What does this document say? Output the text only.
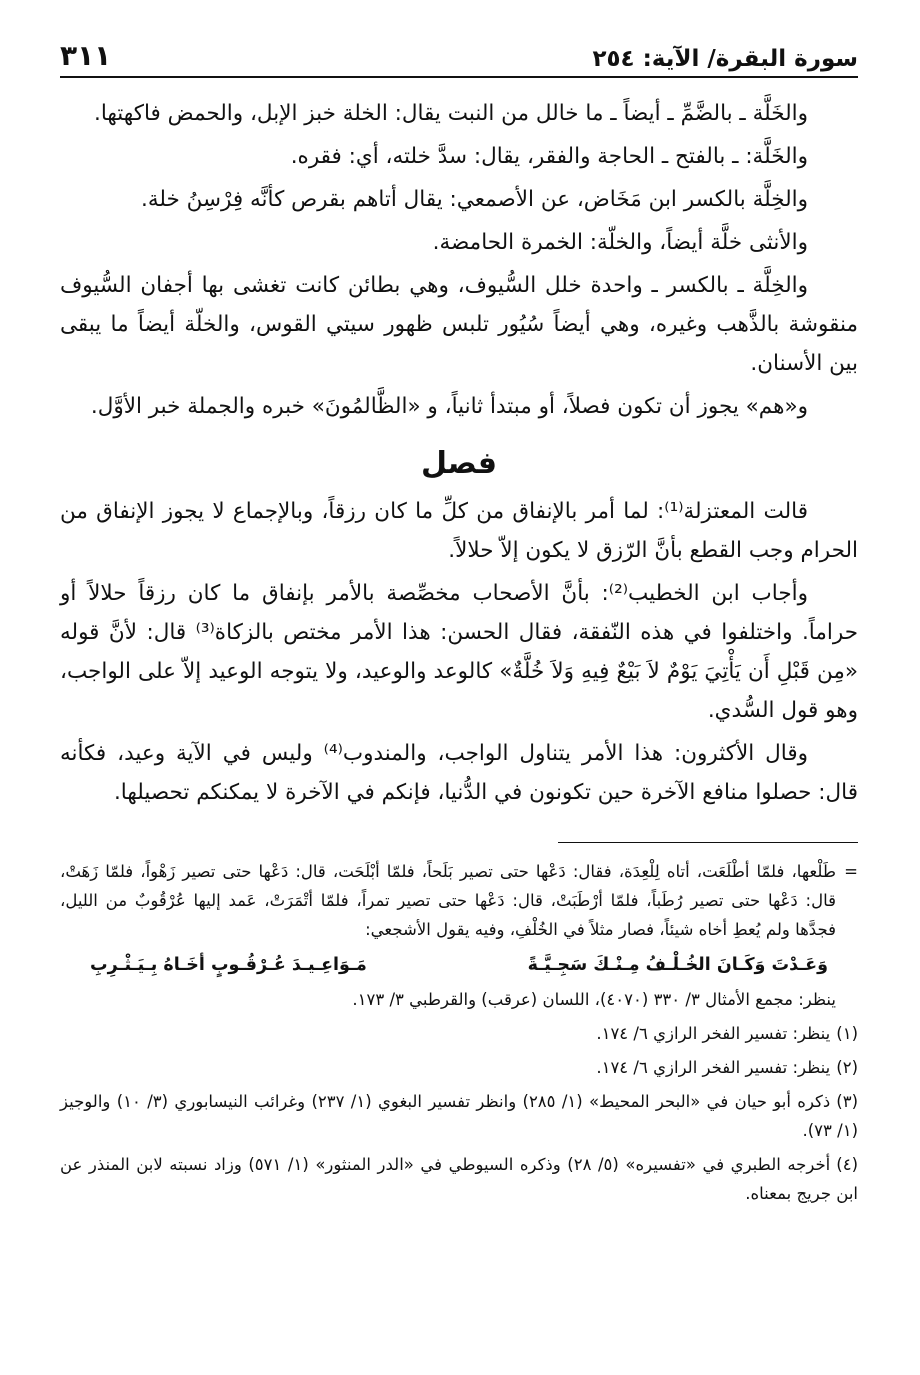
سورة البقرة/ الآية: ٢٥٤
٣١١

والخَلَّة ـ بالضَّمِّ ـ أيضاً ـ ما خالل من النبت يقال: الخلة خبز الإبل، والحمض فاكهتها.

والخَلَّة: ـ بالفتح ـ الحاجة والفقر، يقال: سدَّ خلته، أي: فقره.

والخِلَّة بالكسر ابن مَخَاض، عن الأصمعي: يقال أتاهم بقرص كأنَّه فِرْسِنُ خلة.

والأنثى خلَّة أيضاً، والخلّة: الخمرة الحامضة.

والخِلَّة ـ بالكسر ـ واحدة خلل السُّيوف، وهي بطائن كانت تغشى بها أجفان السُّيوف منقوشة بالذَّهب وغيره، وهي أيضاً سُيُور تلبس ظهور سيتي القوس، والخلّة أيضاً ما يبقى بين الأسنان.

و«هم» يجوز أن تكون فصلاً، أو مبتدأ ثانياً، و «الظَّالمُونَ» خبره والجملة خبر الأوَّل.

فصل

قالت المعتزلة⁽¹⁾: لما أمر بالإنفاق من كلِّ ما كان رزقاً، وبالإجماع لا يجوز الإنفاق من الحرام وجب القطع بأنَّ الرّزق لا يكون إلاّ حلالاً.

وأجاب ابن الخطيب⁽²⁾: بأنَّ الأصحاب مخصِّصة بالأمر بإنفاق ما كان رزقاً حلالاً أو حراماً. واختلفوا في هذه النّفقة، فقال الحسن: هذا الأمر مختص بالزكاة⁽³⁾ قال: لأنَّ قوله «مِن قَبْلِ أَن يَأْتِيَ يَوْمٌ لاَ بَيْعٌ فِيهِ وَلاَ خُلَّةٌ» كالوعد والوعيد، ولا يتوجه الوعيد إلاّ على الواجب، وهو قول السُّدي.

وقال الأكثرون: هذا الأمر يتناول الواجب، والمندوب⁽⁴⁾ وليس في الآية وعيد، فكأنه قال: حصلوا منافع الآخرة حين تكونون في الدُّنيا، فإنكم في الآخرة لا يمكنكم تحصيلها.

=
طَلْعها، فلمّا أطْلَعَت، أتاه لِلْعِدَة، فقال: دَعْها حتى تصير بَلَحاً، فلمّا أبْلَحَت، قال: دَعْها حتى تصير زَهْواً، فلمّا زَهَتْ، قال: دَعْها حتى تصير رُطَباً، فلمّا أرْطَبَتْ، قال: دَعْها حتى تصير تمراً، فلمّا أتْمَرَتْ، عَمد إليها عُرْقُوبٌ من الليل، فجدَّها ولم يُعطِ أخاه شيئاً، فصار مثلاً في الخُلْفِ، وفيه يقول الأشجعي:

وَعَـدْتَ وَكَـانَ الخُـلْـفُ مِـنْـكَ سَجِـيَّـةً
مَـوَاعِـيـدَ عُـرْقُـوبٍ أخَـاهُ بِـيَـثْـرِبِ

ينظر: مجمع الأمثال ٣/ ٣٣٠ (٤٠٧٠)، اللسان (عرقب) والقرطبي ٣/ ١٧٣.

(١)ينظر: تفسير الفخر الرازي ٦/ ١٧٤.

(٢)ينظر: تفسير الفخر الرازي ٦/ ١٧٤.

(٣)ذكره أبو حيان في «البحر المحيط» (١/ ٢٨٥) وانظر تفسير البغوي (١/ ٢٣٧) وغرائب النيسابوري (٣/ ١٠) والوجيز (١/ ٧٣).

(٤)أخرجه الطبري في «تفسيره» (٥/ ٢٨) وذكره السيوطي في «الدر المنثور» (١/ ٥٧١) وزاد نسبته لابن المنذر عن ابن جريج بمعناه.
